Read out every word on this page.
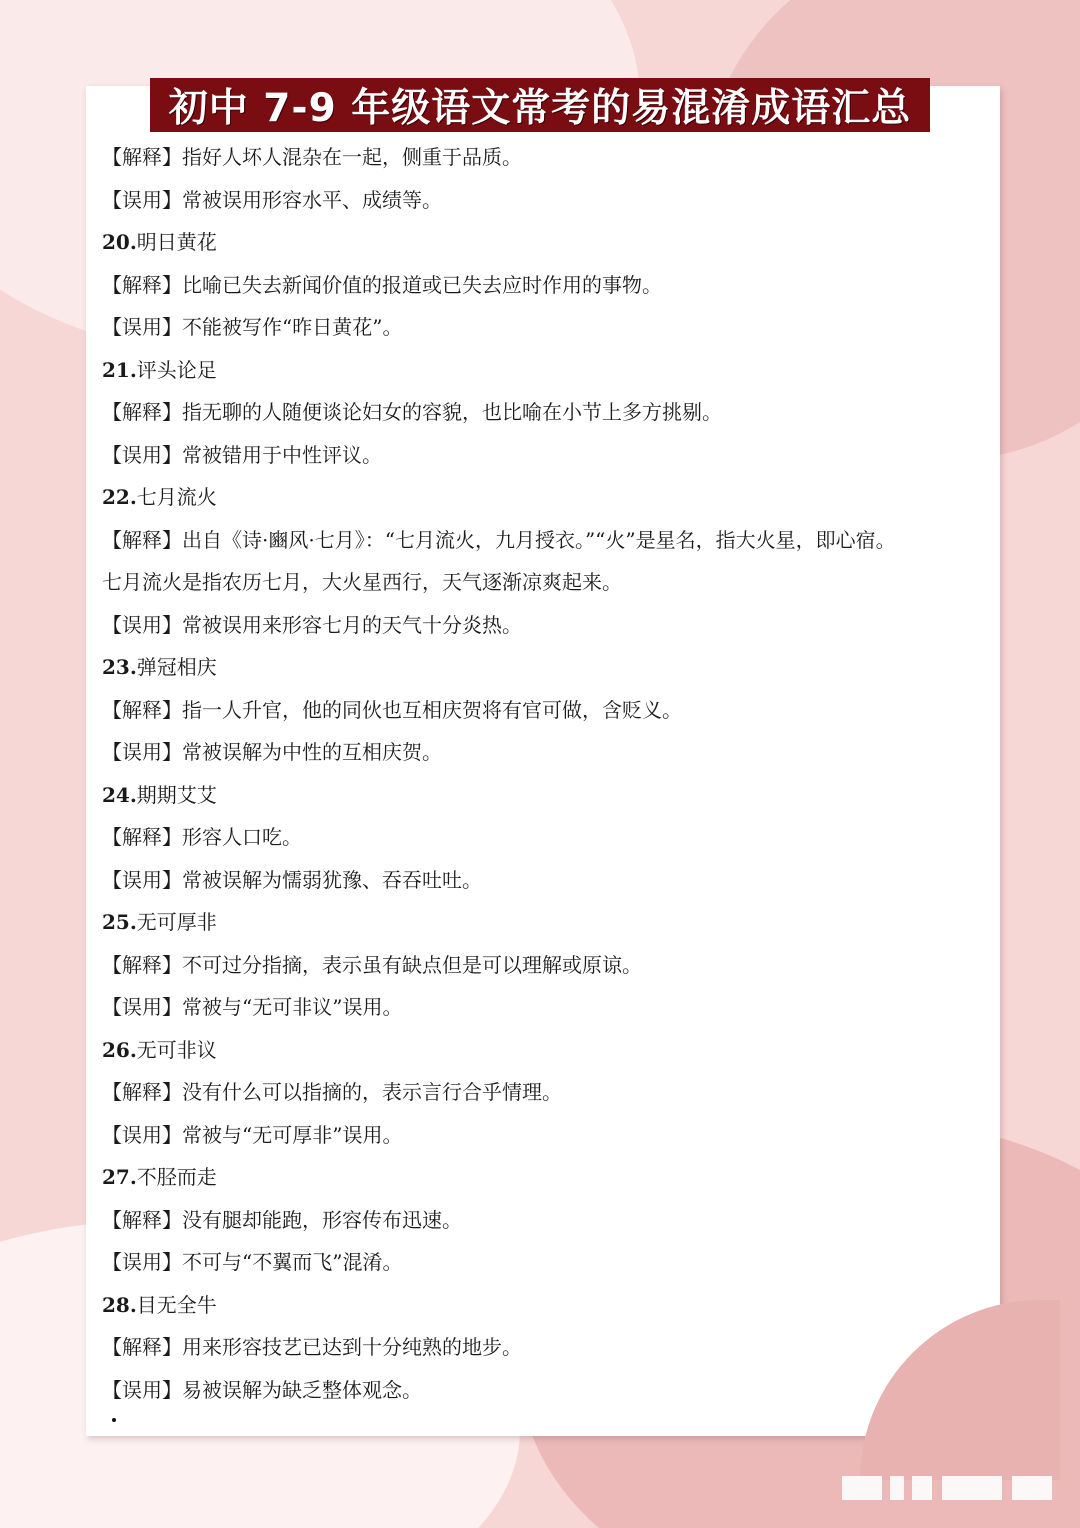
初中 7-9 年级语文常考的易混淆成语汇总
【解释】指好人坏人混杂在一起，侧重于品质。
【误用】常被误用形容水平、成绩等。
20.明日黄花
【解释】比喻已失去新闻价值的报道或已失去应时作用的事物。
【误用】不能被写作“昨日黄花”。
21.评头论足
【解释】指无聊的人随便谈论妇女的容貌，也比喻在小节上多方挑剔。
【误用】常被错用于中性评议。
22.七月流火
【解释】出自《诗·豳风·七月》：“七月流火，九月授衣。”“火”是星名，指大火星，即心宿。
七月流火是指农历七月，大火星西行，天气逐渐凉爽起来。
【误用】常被误用来形容七月的天气十分炎热。
23.弹冠相庆
【解释】指一人升官，他的同伙也互相庆贺将有官可做，含贬义。
【误用】常被误解为中性的互相庆贺。
24.期期艾艾
【解释】形容人口吃。
【误用】常被误解为懦弱犹豫、吞吞吐吐。
25.无可厚非
【解释】不可过分指摘，表示虽有缺点但是可以理解或原谅。
【误用】常被与“无可非议”误用。
26.无可非议
【解释】没有什么可以指摘的，表示言行合乎情理。
【误用】常被与“无可厚非”误用。
27.不胫而走
【解释】没有腿却能跑，形容传布迅速。
【误用】不可与“不翼而飞”混淆。
28.目无全牛
【解释】用来形容技艺已达到十分纯熟的地步。
【误用】易被误解为缺乏整体观念。
